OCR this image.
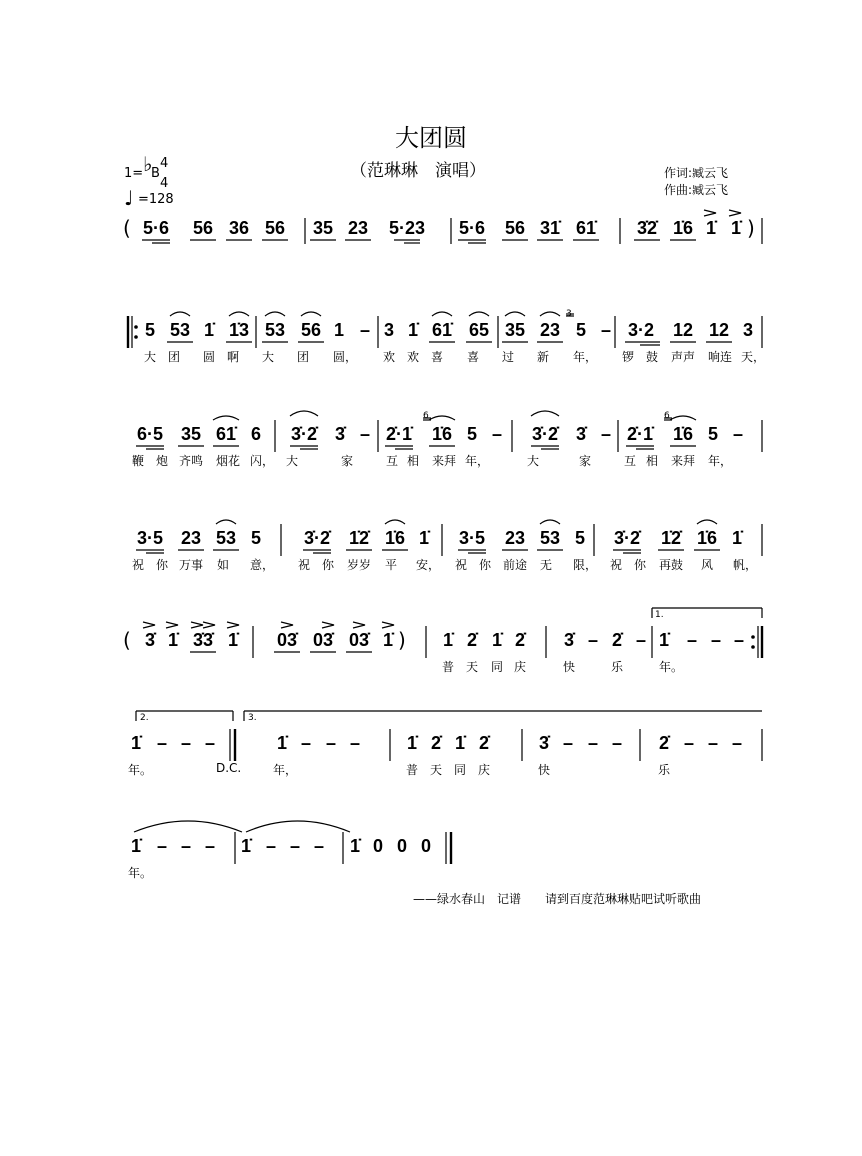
大团圆
（范琳琳　演唱）	作词:臧云飞
作曲:臧云飞
1= ♭
B
4
4
♩ =128
( 5·6 56 36 56 35 23 5·23 5·6 56 31̇ 61̇ 3̇2̇ 1̇6 1̇ 1̇ )
5 53 1̇ 1̇3 53 56 1 – 3 1̇ 61̇ 65 35 23 5 – 3·2 12 12 3
3
大 团 圆 啊 大 团 圆， 欢 欢 喜 喜 过 新 年， 锣 鼓 声声 响连 天，
6·5 35 61̇ 6 3̇·2̇ 3̇ – 2̇·1̇ 1̇6 5 – 3̇·2̇ 3̇ – 2̇·1̇ 1̇6 5 –
6	6
鞭 炮 齐鸣 烟花 闪， 大	家	互 相 来拜 年，	大	家	互 相 来拜 年，
3·5 23 53 5 3̇·2̇ 1̇2̇ 1̇6 1̇ 3·5 23 53 5 3̇·2̇ 1̇2̇ 1̇6 1̇
祝 你 万事 如 意， 祝 你 岁岁 平 安， 祝 你 前途 无 限， 祝 你 再鼓 风 帆，
( 3̇ 1̇ 3̇3̇ 1̇ 03̇ 03̇ 03̇ 1̇ ) 1̇ 2̇ 1̇ 2̇ 3̇ – 2̇ – 1̇ – – –
1.
普 天 同 庆	快	乐	年。
1̇ – – –	1̇ – – –	1̇ 2̇ 1̇ 2̇	3̇ – – – 2̇ – – –
2.	3.
年。	D.C.	年，	普 天 同 庆	快	乐
1̇ – – – 1̇ – – – 1̇ 0 0 0
年。
——绿水春山　记谱 请到百度范琳琳贴吧试听歌曲
